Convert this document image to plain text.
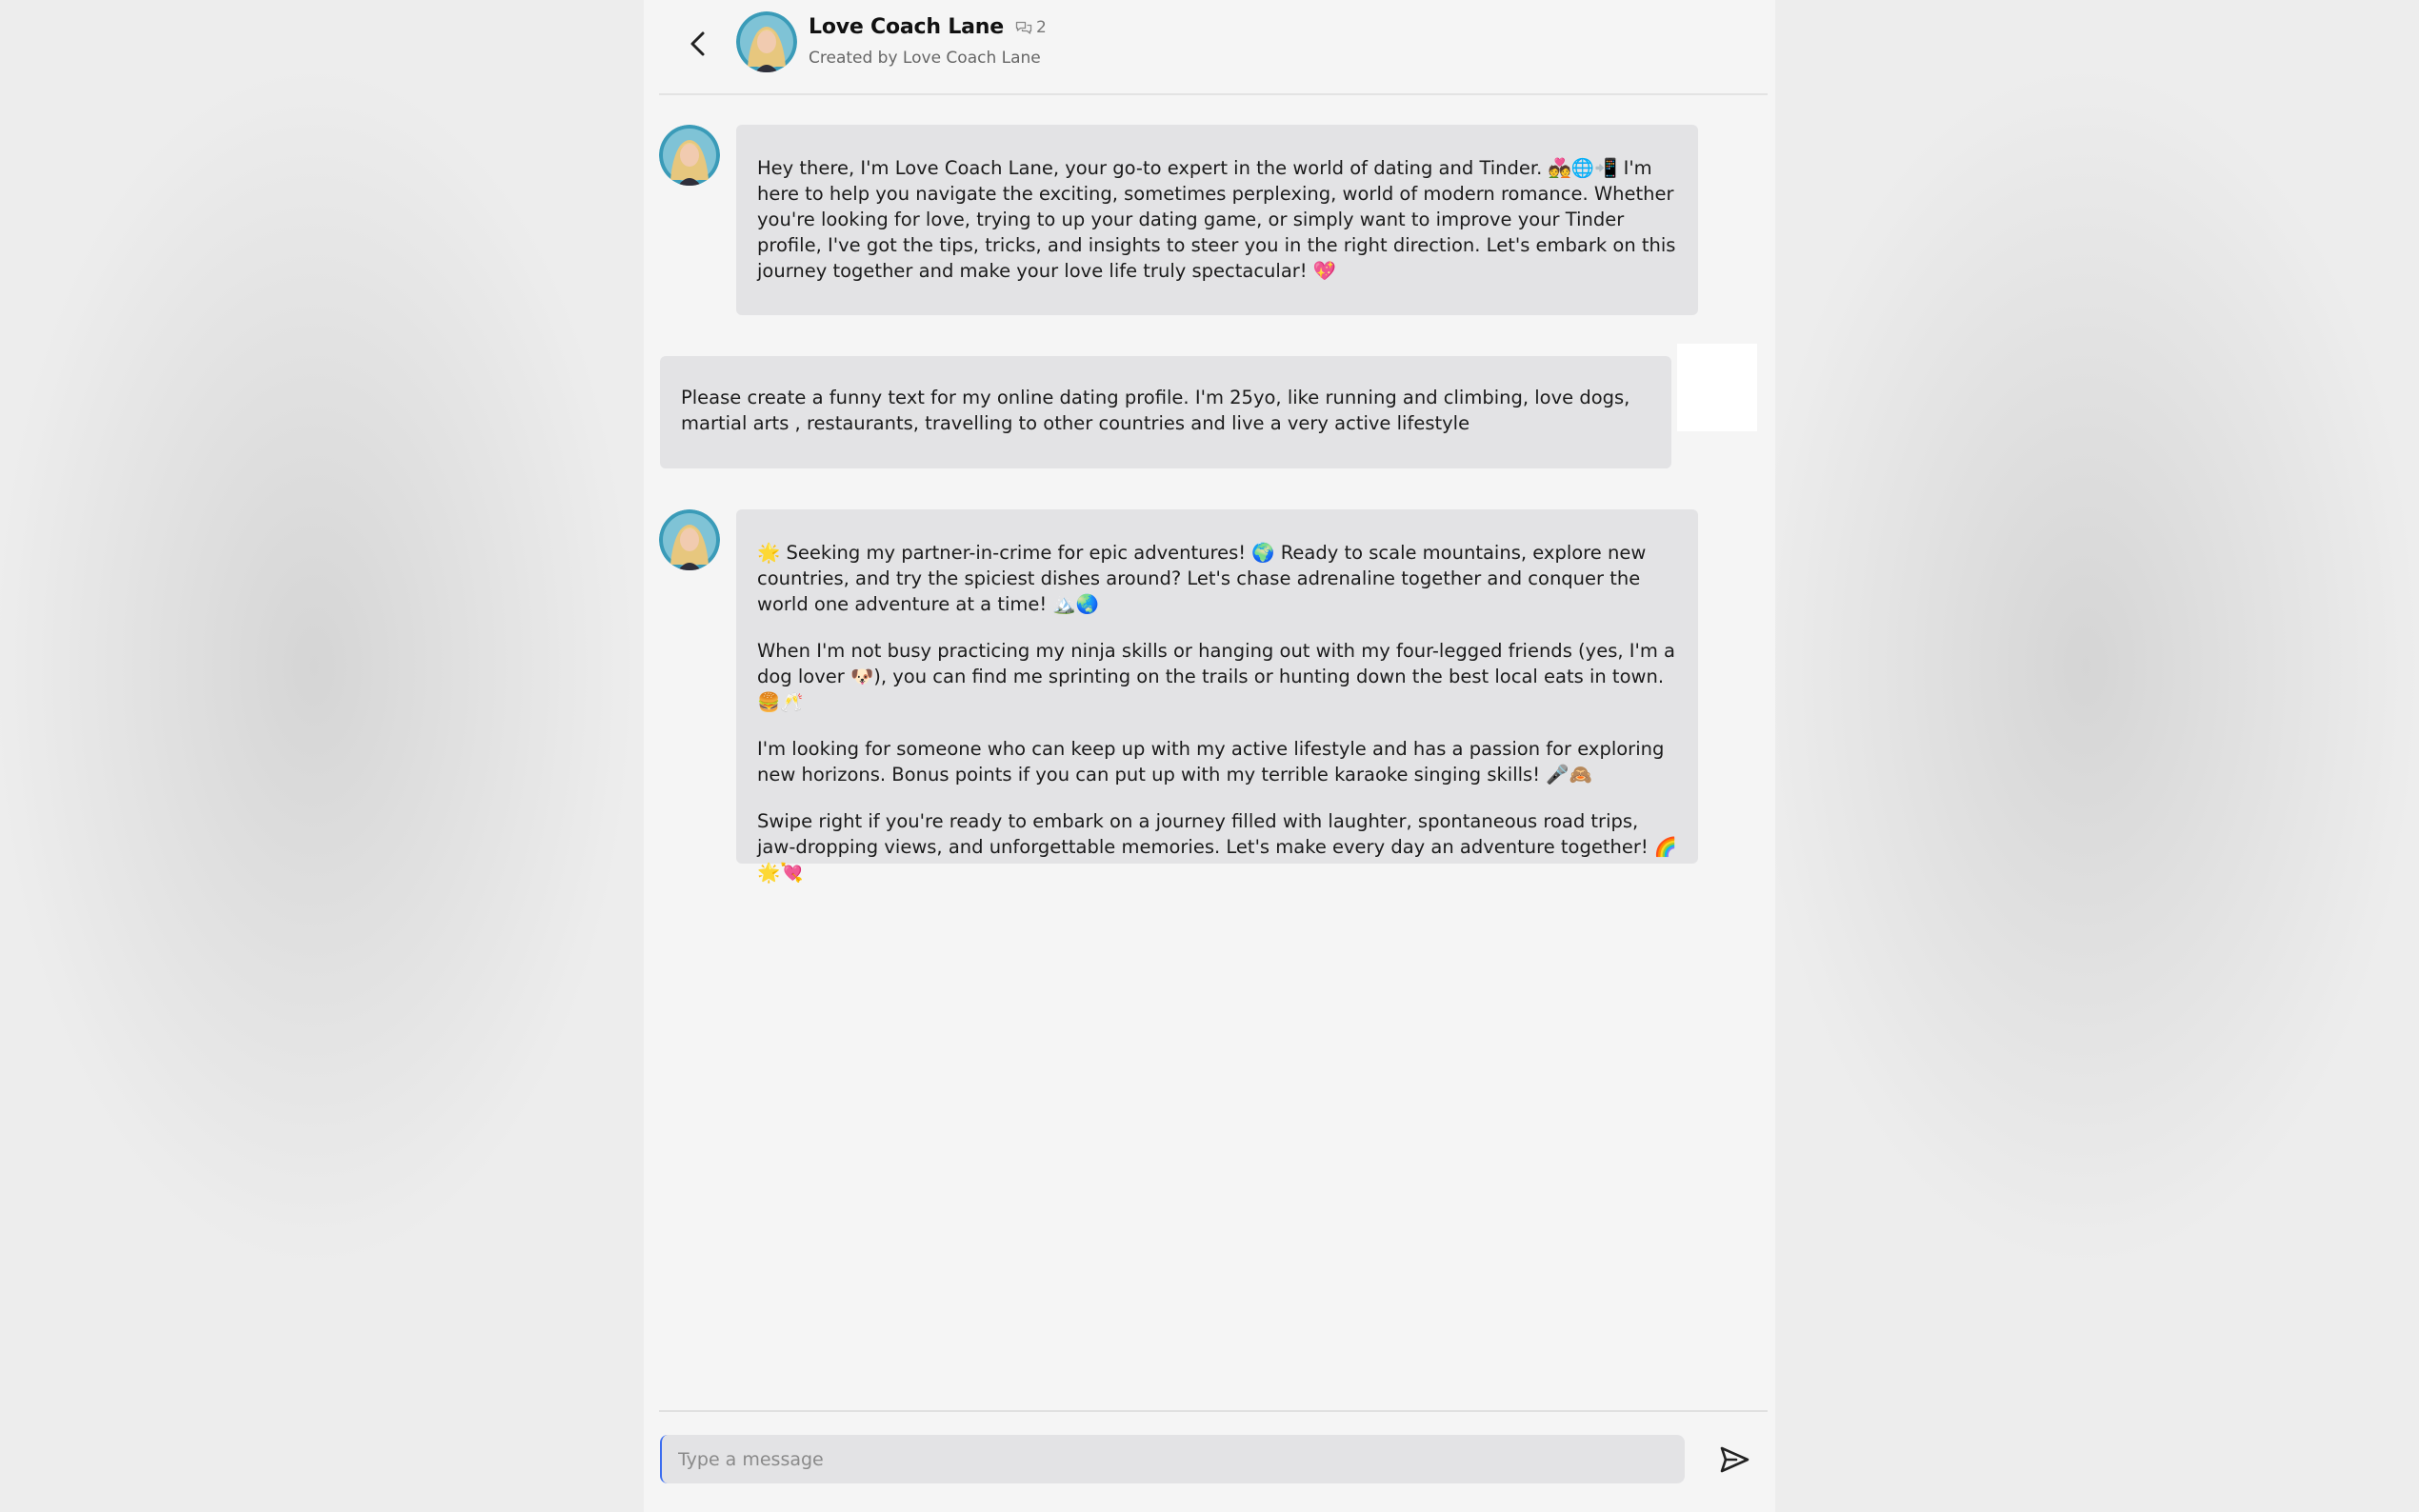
Love Coach Lane 2
Created by Love Coach Lane

Hey there, I'm Love Coach Lane, your go-to expert in the world of dating and Tinder. 💑🌐📲 I'm here to help you navigate the exciting, sometimes perplexing, world of modern romance. Whether you're looking for love, trying to up your dating game, or simply want to improve your Tinder profile, I've got the tips, tricks, and insights to steer you in the right direction. Let's embark on this journey together and make your love life truly spectacular! 💖

Please create a funny text for my online dating profile. I'm 25yo, like running and climbing, love dogs, martial arts , restaurants, travelling to other countries and live a very active lifestyle

🌟 Seeking my partner-in-crime for epic adventures! 🌍 Ready to scale mountains, explore new countries, and try the spiciest dishes around? Let's chase adrenaline together and conquer the world one adventure at a time! 🏔️🌏

When I'm not busy practicing my ninja skills or hanging out with my four-legged friends (yes, I'm a dog lover 🐶), you can find me sprinting on the trails or hunting down the best local eats in town. 🍔🥂

I'm looking for someone who can keep up with my active lifestyle and has a passion for exploring new horizons. Bonus points if you can put up with my terrible karaoke singing skills! 🎤🙈

Swipe right if you're ready to embark on a journey filled with laughter, spontaneous road trips, jaw-dropping views, and unforgettable memories. Let's make every day an adventure together! 🌈🌟💘

Type a message
